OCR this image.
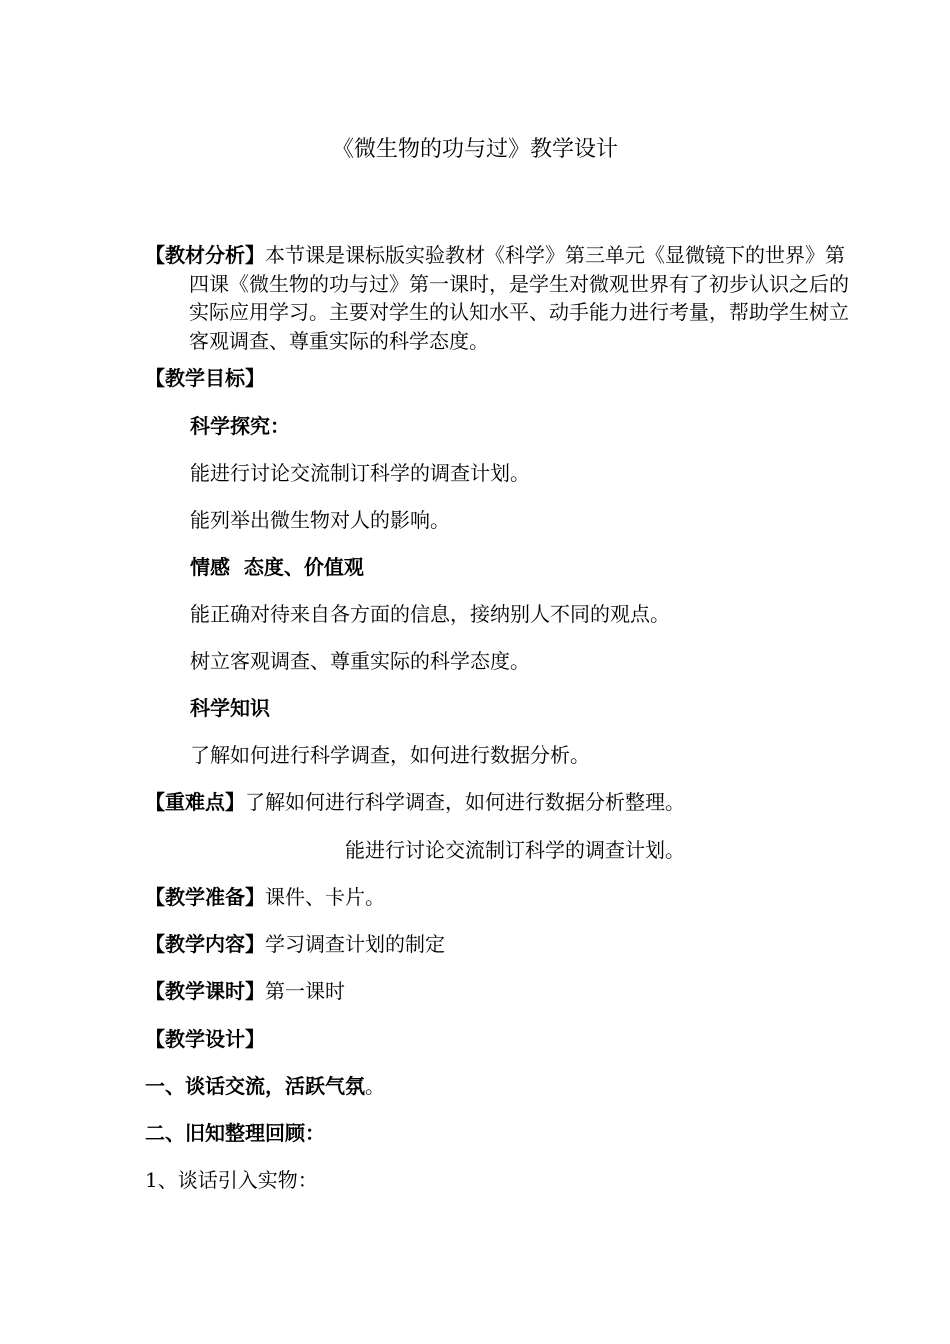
《微生物的功与过》教学设计
【教材分析】本节课是课标版实验教材《科学》第三单元《显微镜下的世界》第四课《微生物的功与过》第一课时，是学生对微观世界有了初步认识之后的实际应用学习。主要对学生的认知水平、动手能力进行考量，帮助学生树立客观调查、尊重实际的科学态度。
【教学目标】
科学探究：
能进行讨论交流制订科学的调查计划。
能列举出微生物对人的影响。
情感  态度、价值观
能正确对待来自各方面的信息，接纳别人不同的观点。
树立客观调查、尊重实际的科学态度。
科学知识
了解如何进行科学调查，如何进行数据分析。
【重难点】了解如何进行科学调查，如何进行数据分析整理。
能进行讨论交流制订科学的调查计划。
【教学准备】课件、卡片。
【教学内容】学习调查计划的制定
【教学课时】第一课时
【教学设计】
一、谈话交流，活跃气氛。
二、旧知整理回顾：
1、谈话引入实物：
